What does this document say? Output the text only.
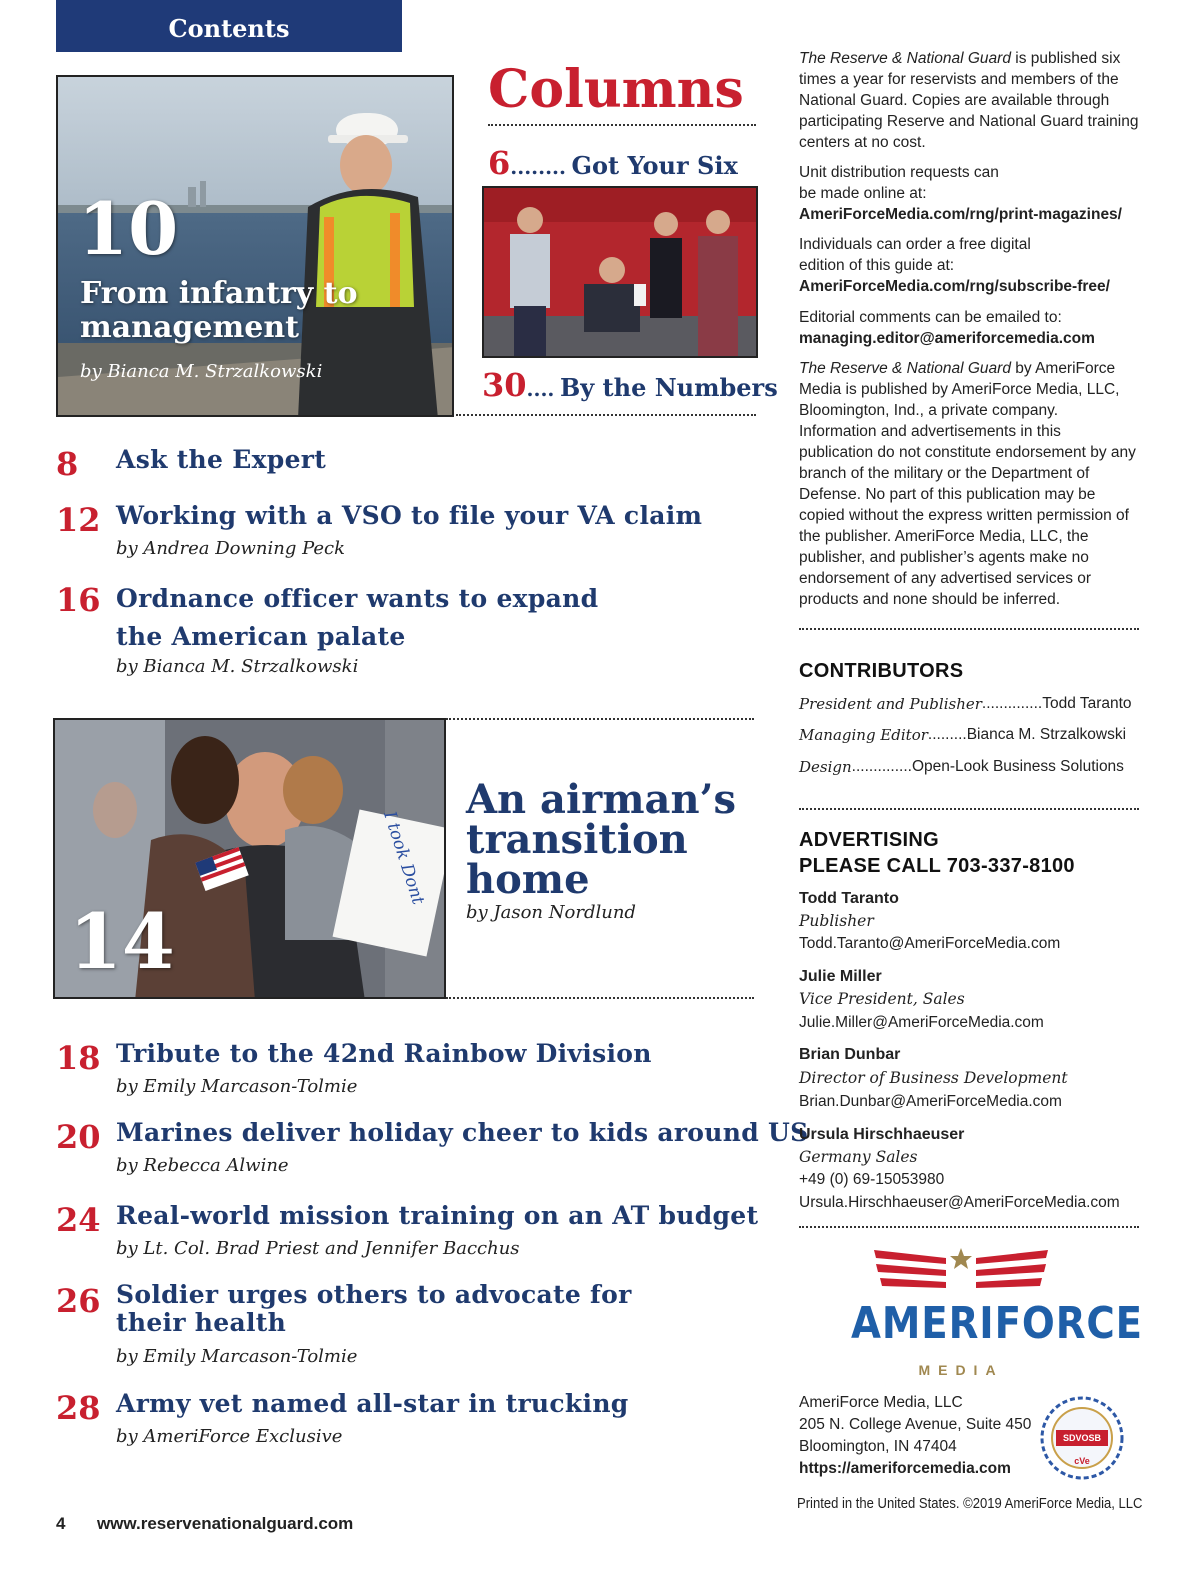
Contents
10
From infantry to
management
by Bianca M. Strzalkowski
Columns
6........ Got Your Six
30.... By the Numbers
8 Ask the Expert
12 Working with a VSO to file your VA claim
by Andrea Downing Peck
16 Ordnance officer wants to expand
the American palate
by Bianca M. Strzalkowski
I took Dont
14
An airman’s
transition
home
by Jason Nordlund
18 Tribute to the 42nd Rainbow Division
by Emily Marcason-Tolmie
20 Marines deliver holiday cheer to kids around US
by Rebecca Alwine
24 Real-world mission training on an AT budget
by Lt. Col. Brad Priest and Jennifer Bacchus
26 Soldier urges others to advocate for
their health
by Emily Marcason-Tolmie
28 Army vet named all-star in trucking
by AmeriForce Exclusive
4 www.reservenationalguard.com
The Reserve & National Guard is published six times a year for reservists and members of the National Guard. Copies are available through participating Reserve and National Guard training centers at no cost.
Unit distribution requests can be made online at:
AmeriForceMedia.com/rng/print-magazines/
Individuals can order a free digital edition of this guide at:
AmeriForceMedia.com/rng/subscribe-free/
Editorial comments can be emailed to:
managing.editor@ameriforcemedia.com
The Reserve & National Guard by AmeriForce Media is published by AmeriForce Media, LLC, Bloomington, Ind., a private company. Information and advertisements in this publication do not constitute endorsement by any branch of the military or the Department of Defense. No part of this publication may be copied without the express written permission of the publisher. AmeriForce Media, LLC, the publisher, and publisher’s agents make no endorsement of any advertised services or products and none should be inferred.
CONTRIBUTORS
President and Publisher .............. Todd Taranto
Managing Editor ......... Bianca M. Strzalkowski
Design .............. Open-Look Business Solutions
ADVERTISING
PLEASE CALL 703-337-8100
Todd Taranto
Publisher
Todd.Taranto@AmeriForceMedia.com
Julie Miller
Vice President, Sales
Julie.Miller@AmeriForceMedia.com
Brian Dunbar
Director of Business Development
Brian.Dunbar@AmeriForceMedia.com
Ursula Hirschhaeuser
Germany Sales
+49 (0) 69-15053980
Ursula.Hirschhaeuser@AmeriForceMedia.com
AMERIFORCE
MEDIA
AmeriForce Media, LLC
205 N. College Avenue, Suite 450
Bloomington, IN 47404
https://ameriforcemedia.com
SDVOSB
cVe
Printed in the United States. ©2019 AmeriForce Media, LLC
